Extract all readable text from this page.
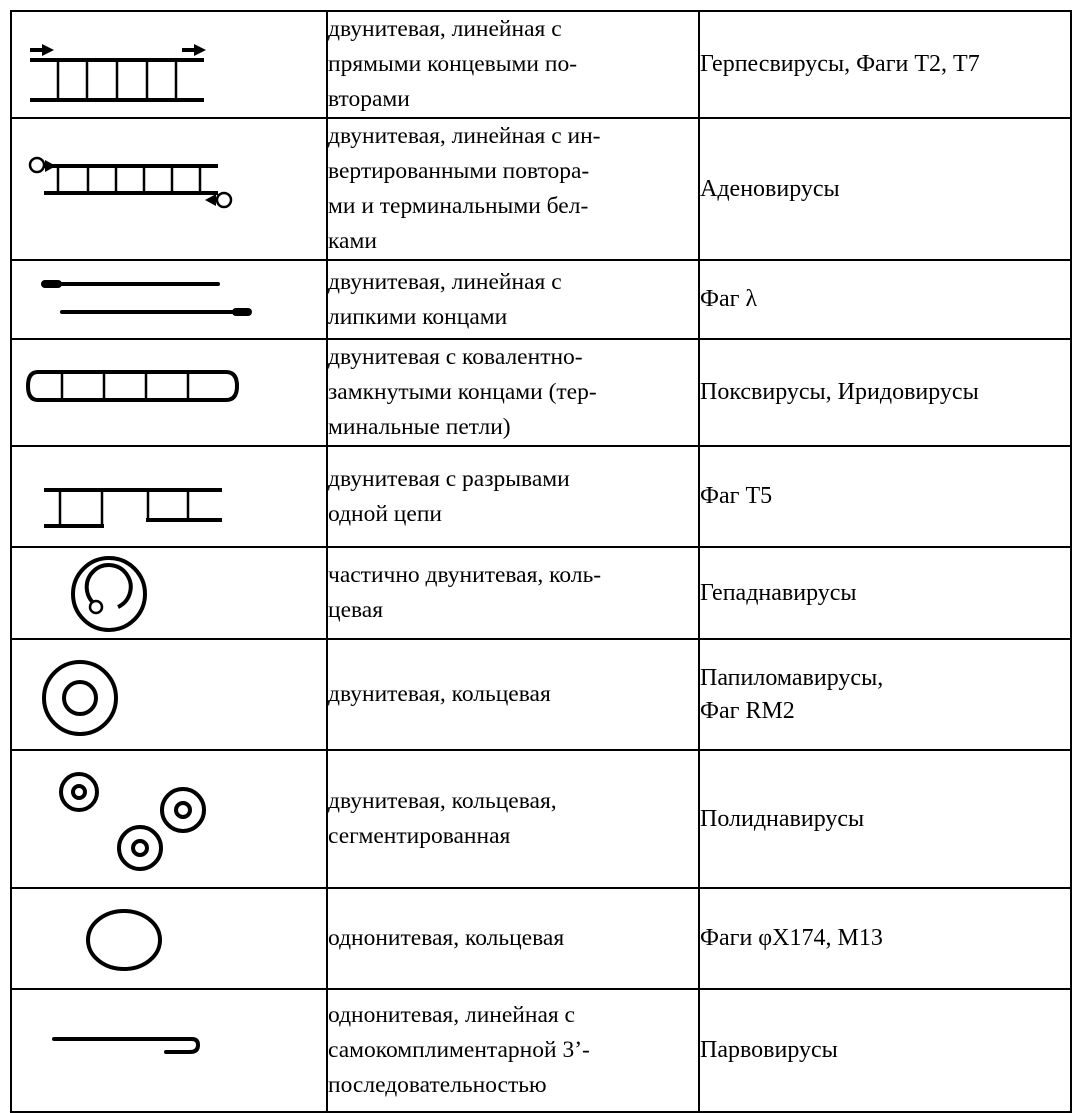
двунитевая, линейная с
прямыми концевыми по-
вторами	Герпесвирусы, Фаги Т2, Т7

двунитевая, линейная с ин-
вертированными повтора-
ми и терминальными бел-
ками	Аденовирусы

двунитевая, линейная с
липкими концами	Фаг λ

двунитевая с ковалентно-
замкнутыми концами (тер-
минальные петли)	Поксвирусы, Иридовирусы

двунитевая с разрывами
одной цепи	Фаг Т5

частично двунитевая, коль-
цевая	Гепаднавирусы

двунитевая, кольцевая	Папиломавирусы,
Фаг RM2

двунитевая, кольцевая,
сегментированная	Полиднавирусы

однонитевая, кольцевая	Фаги φX174, M13

однонитевая, линейная с
самокомплиментарной 3’-
последовательностью	Парвовирусы
